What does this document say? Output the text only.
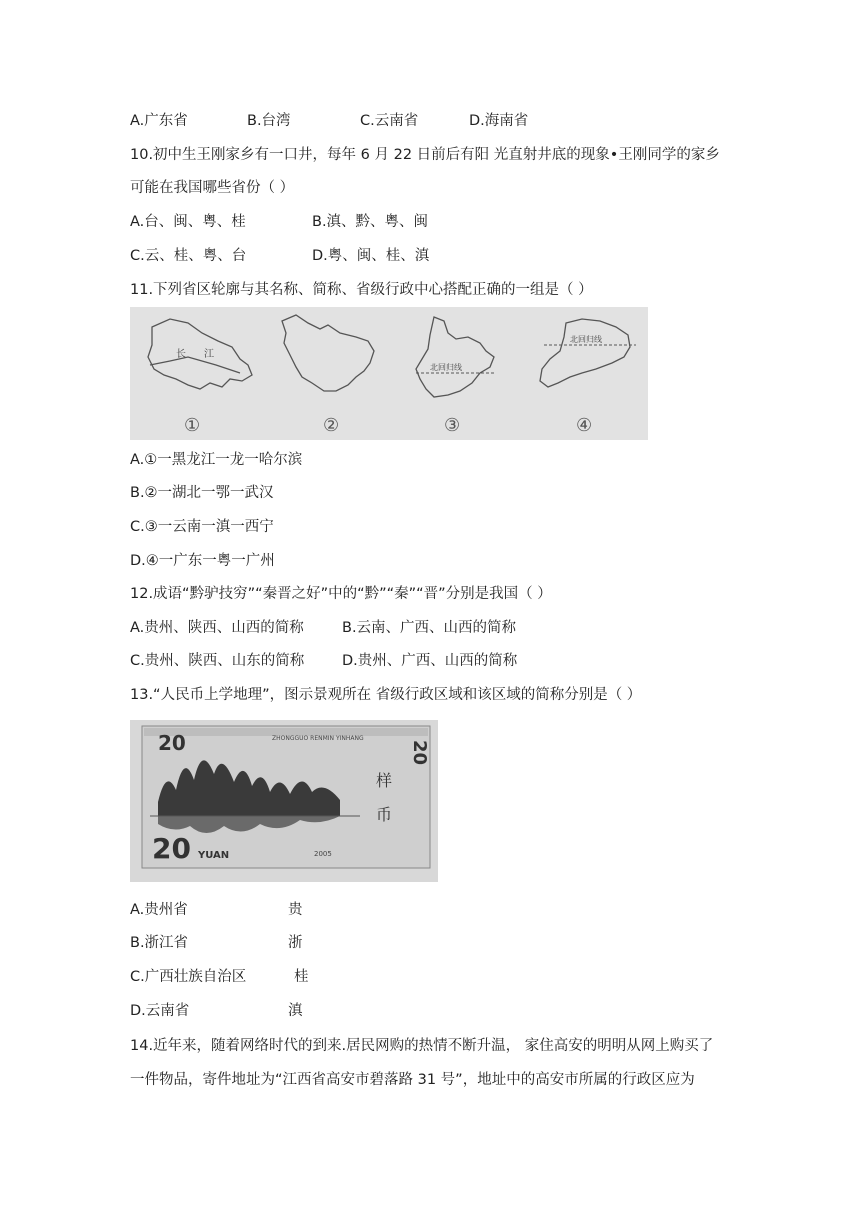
A.广东省	B.台湾	C.云南省	D.海南省
10.初中生王刚家乡有一口井，每年 6 月 22 日前后有阳 光直射井底的现象•王刚同学的家乡
可能在我国哪些省份（ ）
A.台、闽、粤、桂	B.滇、黔、粤、闽
C.云、桂、粤、台	D.粤、闽、桂、滇
11.下列省区轮廓与其名称、简称、省级行政中心搭配正确的一组是（ ）
长 江
北回归线
北回归线
①	②	③	④
A.①一黑龙江一龙一哈尔滨
B.②一湖北一鄂一武汉
C.③一云南一滇一西宁
D.④一广东一粤一广州
12.成语“黔驴技穷”“秦晋之好”中的“黔”“秦”“晋”分别是我国（ ）
A.贵州、陕西、山西的简称	B.云南、广西、山西的简称
C.贵州、陕西、山东的简称	D.贵州、广西、山西的简称
13.“人民币上学地理”，图示景观所在 省级行政区域和该区域的简称分别是（ ）
20	ZHONGGUO RENMIN YINHANG
20
样
币
20 YUAN	2005
A.贵州省	贵
B.浙江省	浙
C.广西壮族自治区	桂
D.云南省	滇
14.近年来，随着网络时代的到来.居民网购的热情不断升温， 家住高安的明明从网上购买了
一件物品，寄件地址为“江西省高安市碧落路 31 号”，地址中的高安市所属的行政区应为
